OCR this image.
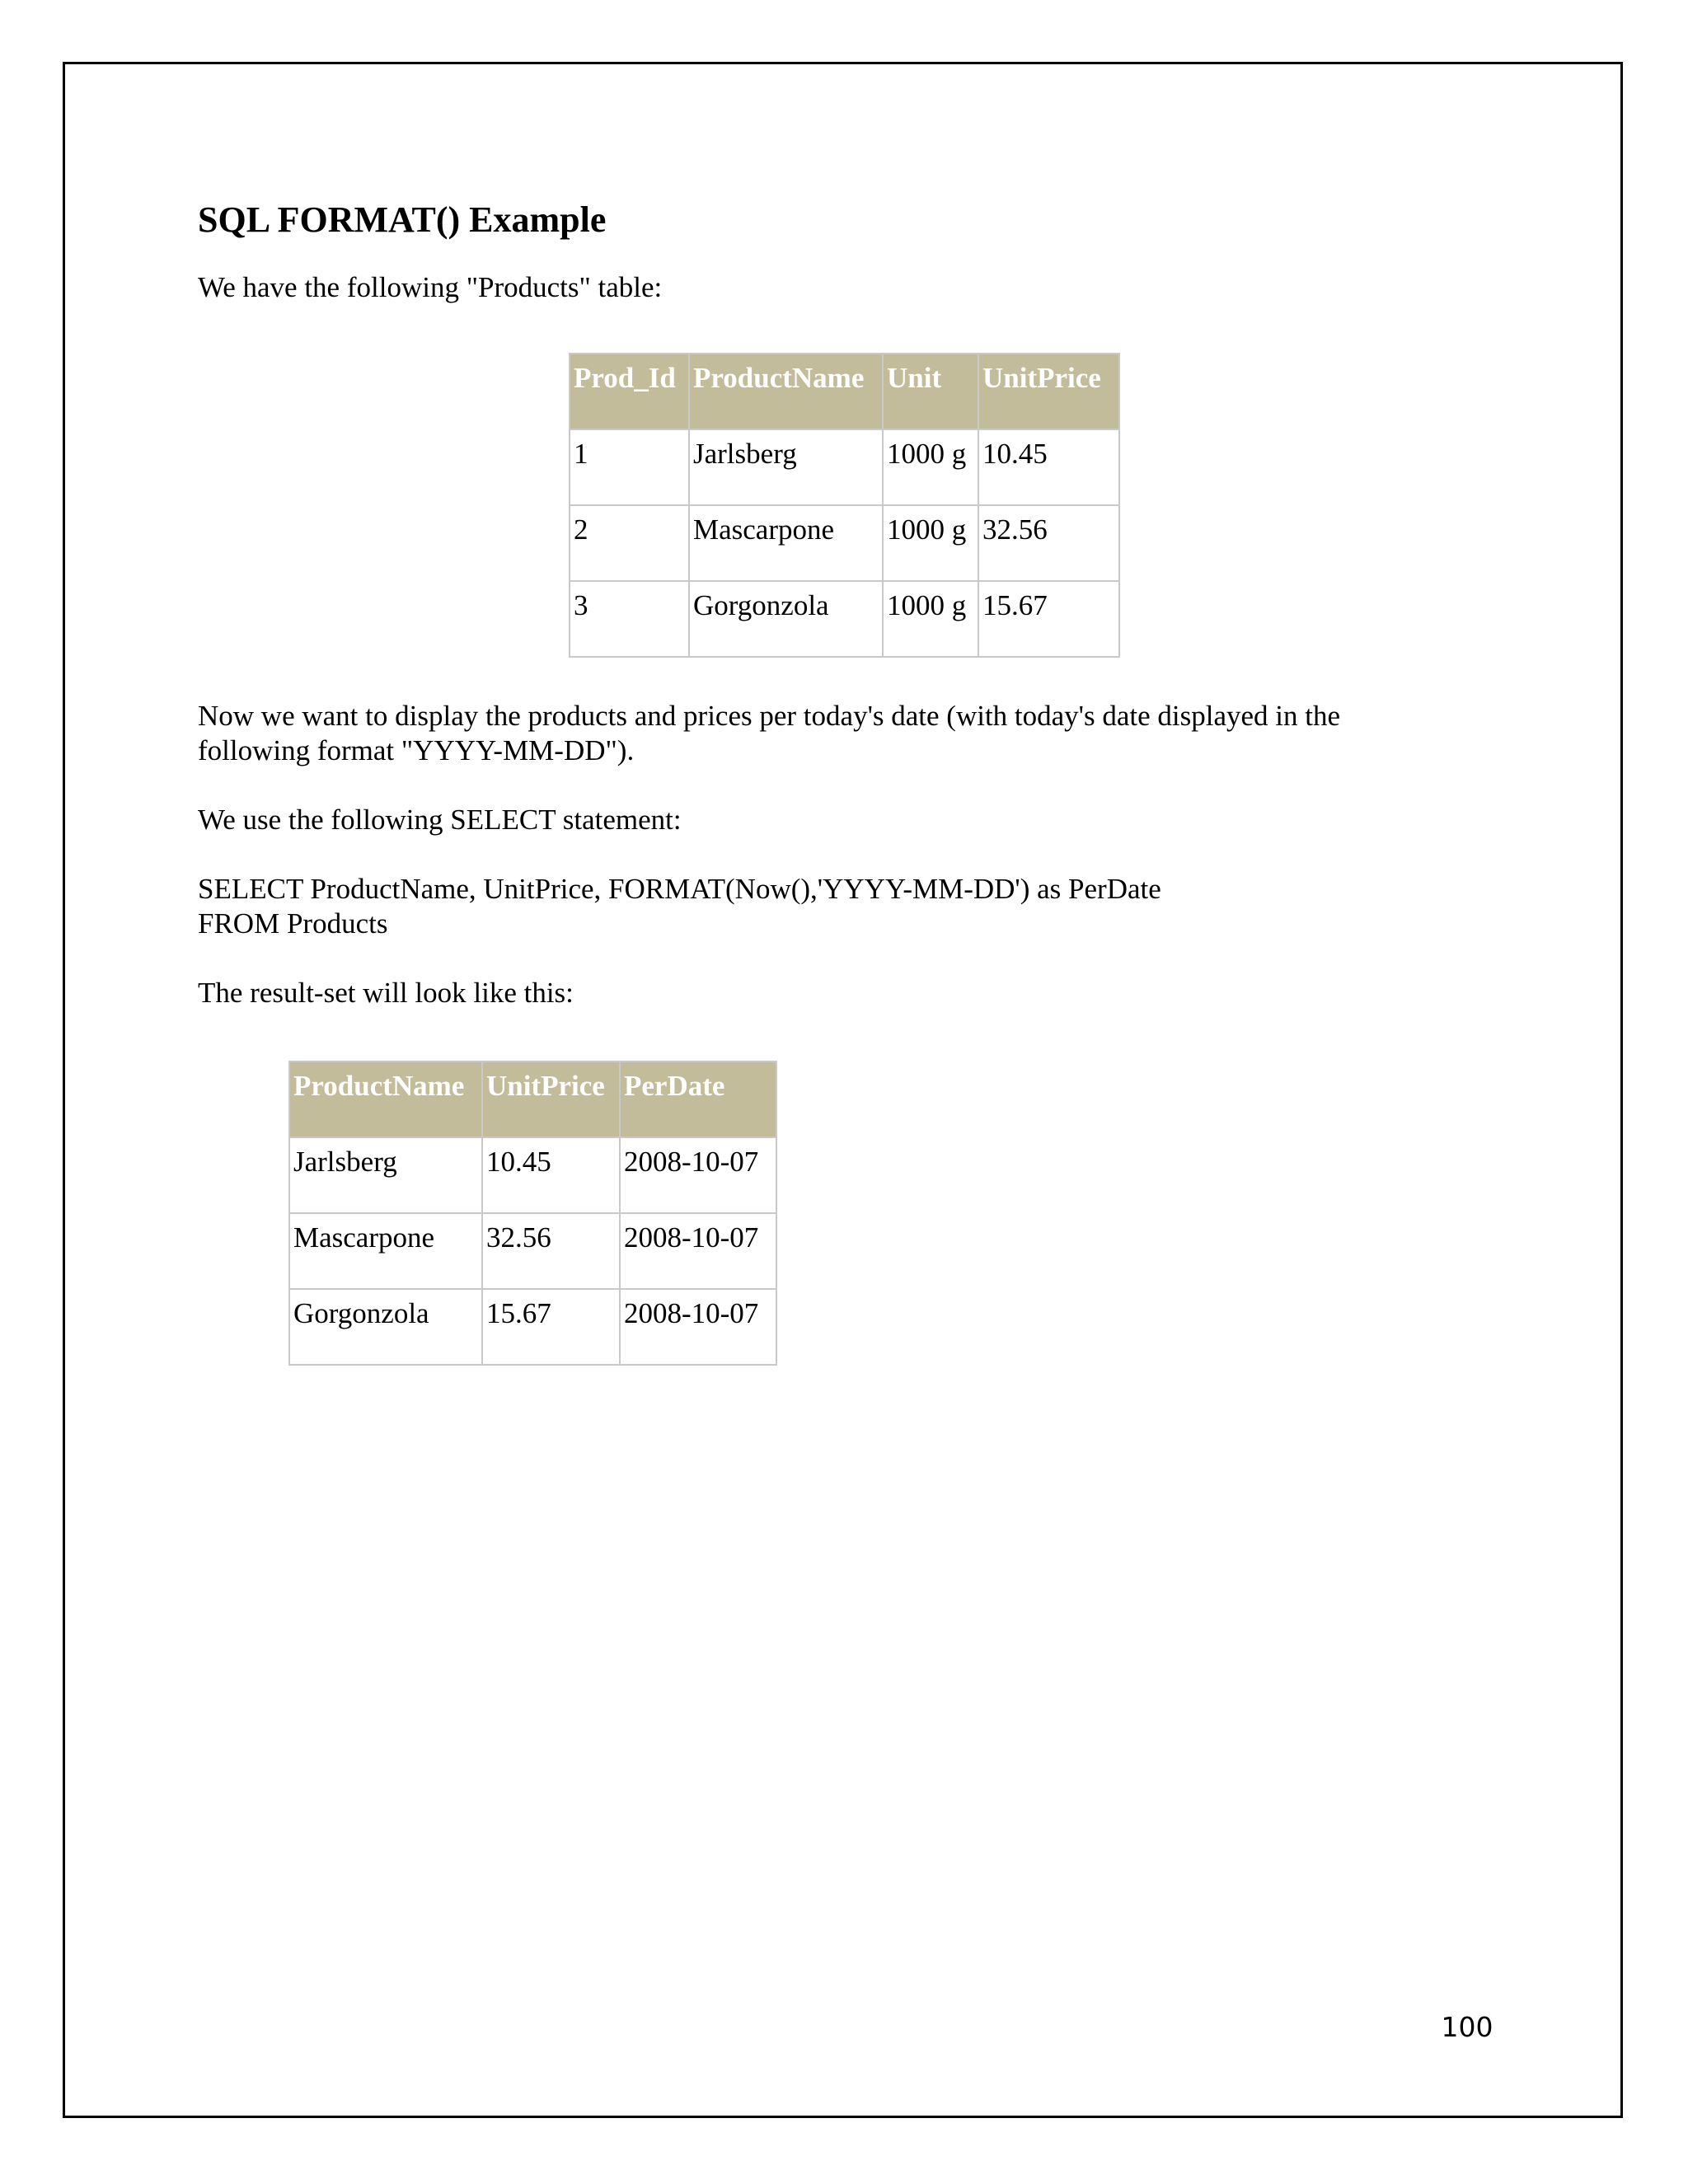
SQL FORMAT() Example

We have the following "Products" table:

Prod_Id	ProductName	Unit	UnitPrice
1	Jarlsberg	1000 g	10.45
2	Mascarpone	1000 g	32.56
3	Gorgonzola	1000 g	15.67

Now we want to display the products and prices per today's date (with today's date displayed in the

following format "YYYY-MM-DD").

We use the following SELECT statement:

SELECT ProductName, UnitPrice, FORMAT(Now(),'YYYY-MM-DD') as PerDate

FROM Products

The result-set will look like this:

ProductName	UnitPrice	PerDate
Jarlsberg	10.45	2008-10-07
Mascarpone	32.56	2008-10-07
Gorgonzola	15.67	2008-10-07
100
